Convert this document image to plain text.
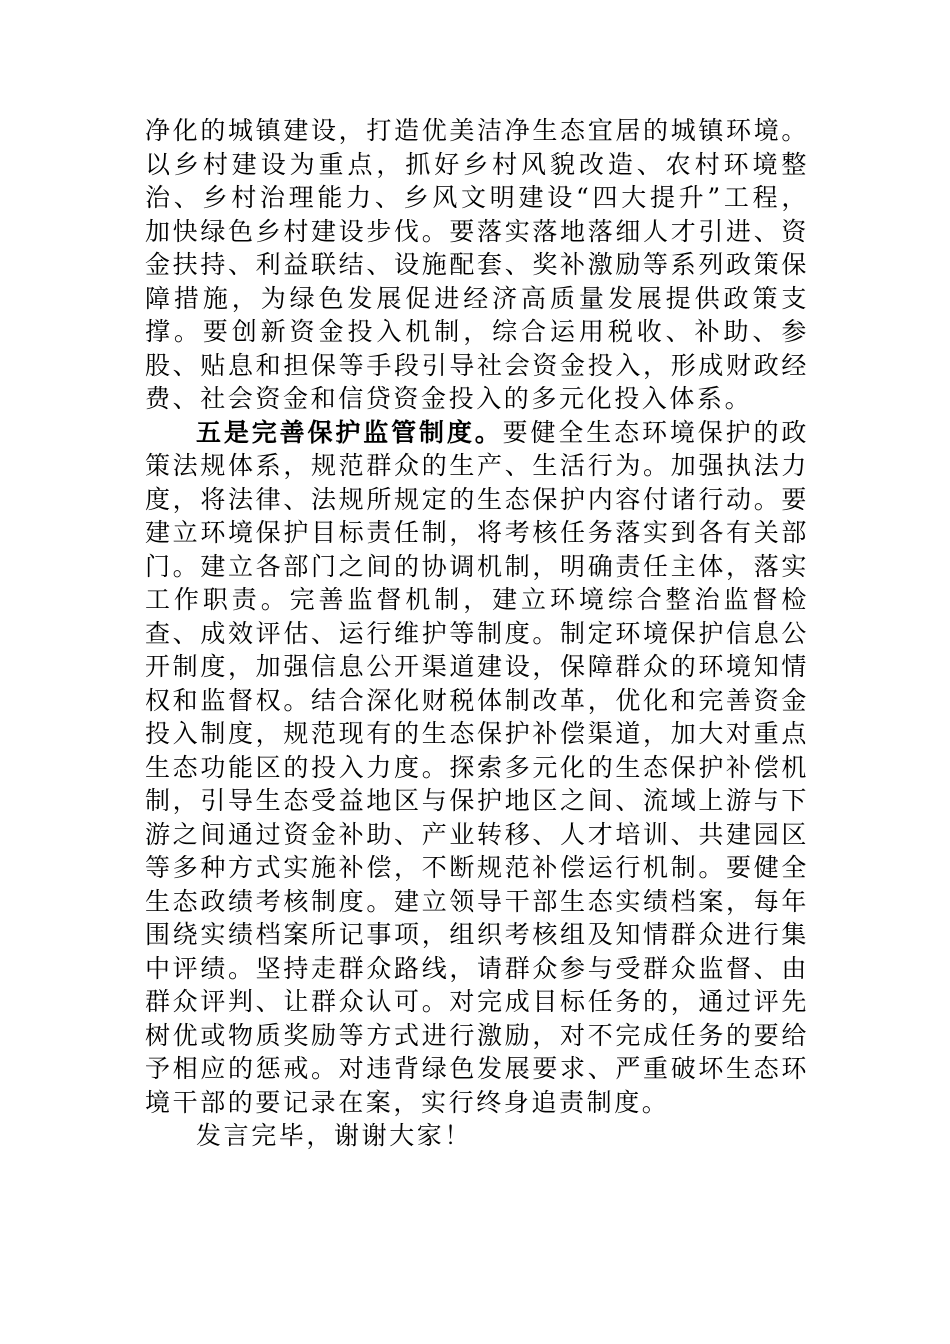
净化的城镇建设，打造优美洁净生态宜居的城镇环境。以乡村建设为重点，抓好乡村风貌改造、农村环境整治、乡村治理能力、乡风文明建设“四大提升”工程，加快绿色乡村建设步伐。要落实落地落细人才引进、资金扶持、利益联结、设施配套、奖补激励等系列政策保障措施，为绿色发展促进经济高质量发展提供政策支撑。要创新资金投入机制，综合运用税收、补助、参股、贴息和担保等手段引导社会资金投入，形成财政经费、社会资金和信贷资金投入的多元化投入体系。

五是完善保护监管制度。要健全生态环境保护的政策法规体系，规范群众的生产、生活行为。加强执法力度，将法律、法规所规定的生态保护内容付诸行动。要建立环境保护目标责任制，将考核任务落实到各有关部门。建立各部门之间的协调机制，明确责任主体，落实工作职责。完善监督机制，建立环境综合整治监督检查、成效评估、运行维护等制度。制定环境保护信息公开制度，加强信息公开渠道建设，保障群众的环境知情权和监督权。结合深化财税体制改革，优化和完善资金投入制度，规范现有的生态保护补偿渠道，加大对重点生态功能区的投入力度。探索多元化的生态保护补偿机制，引导生态受益地区与保护地区之间、流域上游与下游之间通过资金补助、产业转移、人才培训、共建园区等多种方式实施补偿，不断规范补偿运行机制。要健全生态政绩考核制度。建立领导干部生态实绩档案，每年围绕实绩档案所记事项，组织考核组及知情群众进行集中评绩。坚持走群众路线，请群众参与受群众监督、由群众评判、让群众认可。对完成目标任务的，通过评先树优或物质奖励等方式进行激励，对不完成任务的要给予相应的惩戒。对违背绿色发展要求、严重破坏生态环境干部的要记录在案，实行终身追责制度。

发言完毕，谢谢大家！
